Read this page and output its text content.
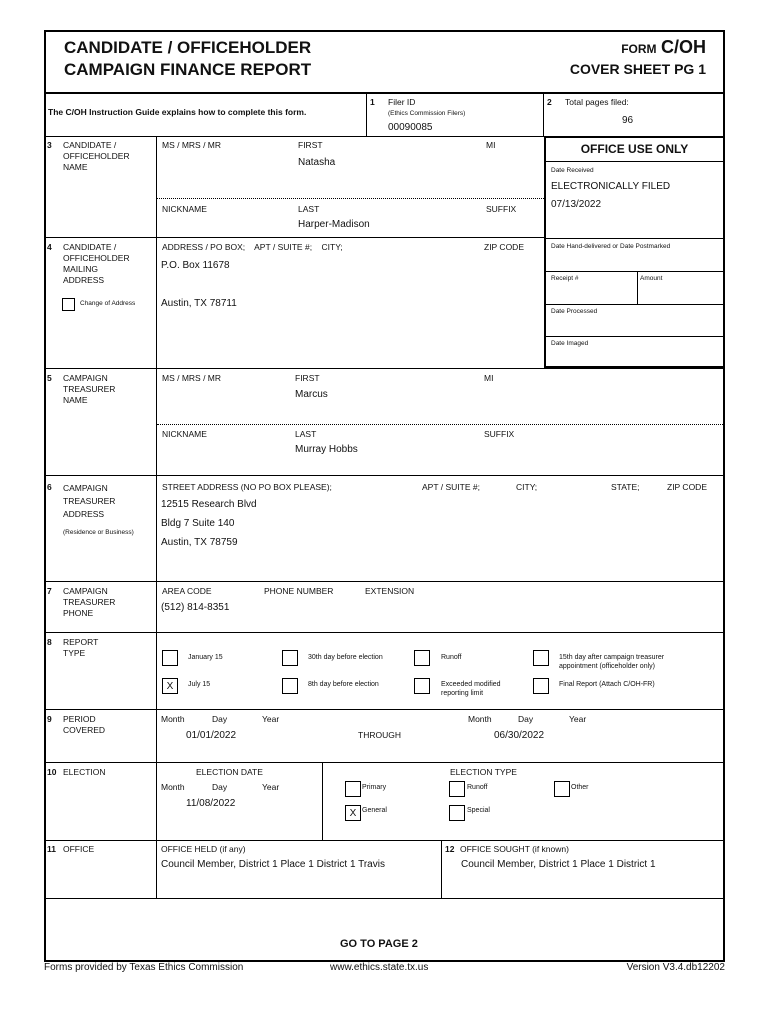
CANDIDATE / OFFICEHOLDER
CAMPAIGN FINANCE REPORT
FORM C/OH
COVER SHEET PG 1
The C/OH Instruction Guide explains how to complete this form.
1 Filer ID
(Ethics Commission Filers)
00090085
2 Total pages filed:
96
OFFICE USE ONLY
Date Received
ELECTRONICALLY FILED
07/13/2022
Date Hand-delivered or Date Postmarked
Receipt #	Amount
Date Processed
Date Imaged
3 CANDIDATE /
OFFICEHOLDER
NAME
MS / MRS / MR	FIRST	MI
Natasha
NICKNAME	LAST	SUFFIX
Harper-Madison
4 CANDIDATE /
OFFICEHOLDER
MAILING
ADDRESS
Change of Address
ADDRESS / PO BOX;    APT / SUITE #;    CITY;	ZIP CODE
P.O. Box 11678
Austin, TX 78711
5 CAMPAIGN
TREASURER
NAME
MS / MRS / MR	FIRST	MI
Marcus
NICKNAME	LAST	SUFFIX
Murray Hobbs
6 CAMPAIGN
TREASURER
ADDRESS
(Residence or Business)
STREET ADDRESS (NO PO BOX PLEASE);	APT / SUITE #;	CITY;	STATE;	ZIP CODE
12515 Research Blvd
Bldg 7 Suite 140
Austin, TX 78759
7 CAMPAIGN
TREASURER
PHONE
AREA CODE	PHONE NUMBER	EXTENSION
(512) 814-8351
8 REPORT
TYPE	January 15	30th day before election	Runoff	15th day after campaign treasurer
appointment (officeholder only)
X	July 15	8th day before election	Exceeded modified
reporting limit
Final Report (Attach C/OH-FR)
9 PERIOD
COVERED
Month	Day	Year
01/01/2022	THROUGH
Month	Day	Year
06/30/2022
10 ELECTION	ELECTION DATE
Month	Day	Year
11/08/2022
ELECTION TYPE
Primary	Runoff	Other
X General	Special
11 OFFICE	OFFICE HELD (if any)
Council Member, District 1 Place 1 District 1 Travis
12 OFFICE SOUGHT (if known)
Council Member, District 1 Place 1 District 1
GO TO PAGE 2
Forms provided by Texas Ethics Commission	www.ethics.state.tx.us	Version V3.4.db12202
